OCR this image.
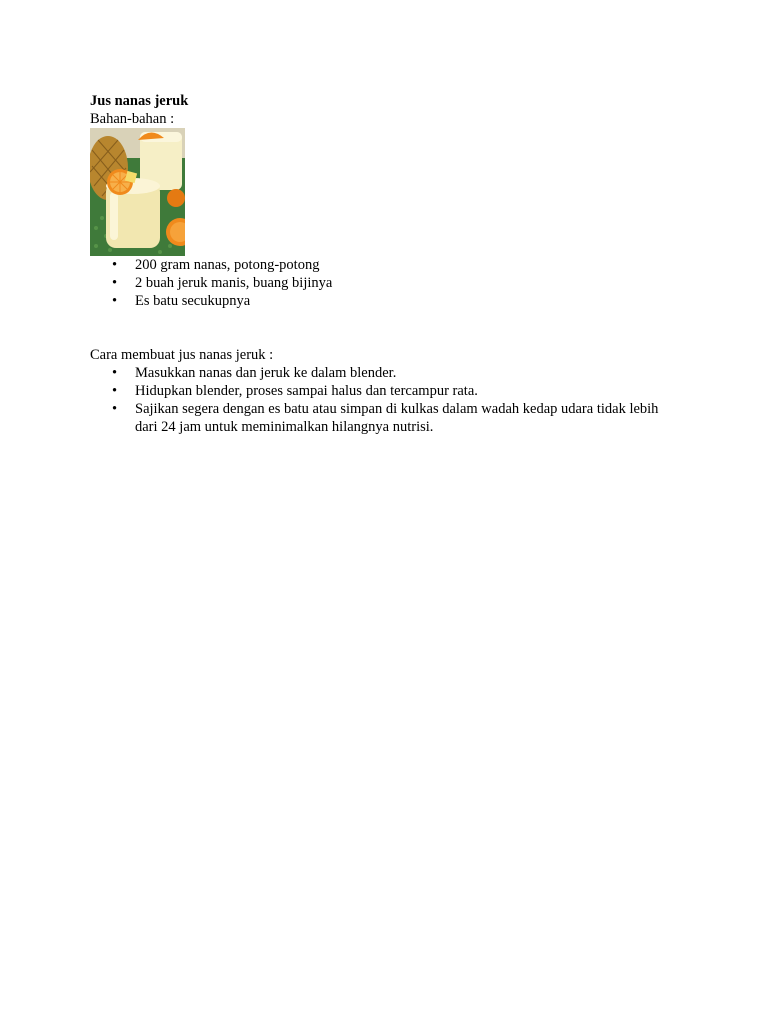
Jus nanas jeruk

Bahan-bahan :

• 200 gram nanas, potong-potong
• 2 buah jeruk manis, buang bijinya
• Es batu secukupnya

Cara membuat jus nanas jeruk :

• Masukkan nanas dan jeruk ke dalam blender.
• Hidupkan blender, proses sampai halus dan tercampur rata.
• Sajikan segera dengan es batu atau simpan di kulkas dalam wadah kedap udara tidak lebih dari 24 jam untuk meminimalkan hilangnya nutrisi.
